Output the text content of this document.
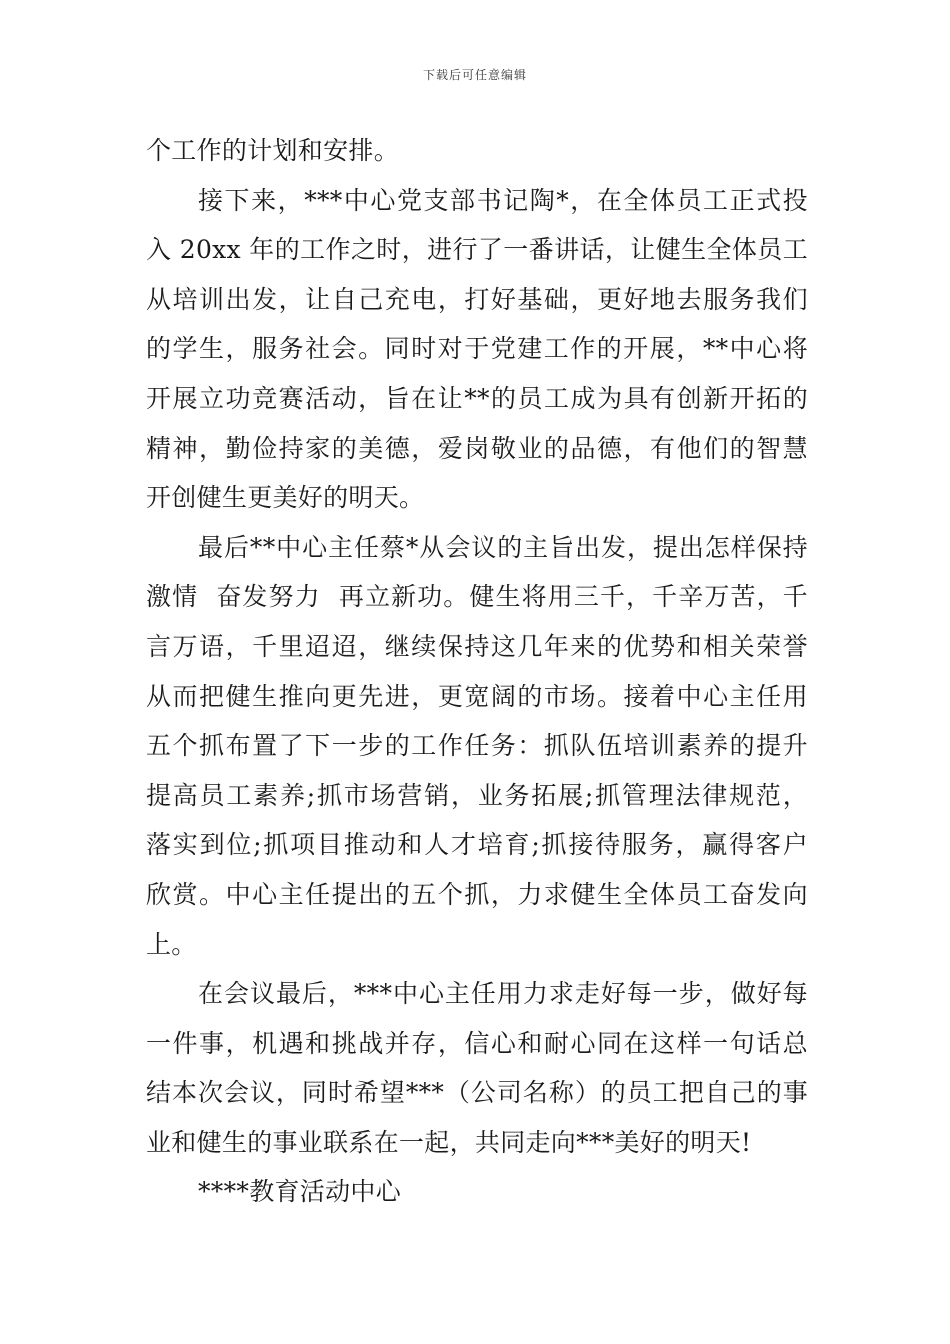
下载后可任意编辑
个工作的计划和安排。
接下来，***中心党支部书记陶*，在全体员工正式投
入 20xx 年的工作之时，进行了一番讲话，让健生全体员工
从培训出发，让自己充电，打好基础，更好地去服务我们
的学生，服务社会。同时对于党建工作的开展，**中心将
开展立功竞赛活动，旨在让**的员工成为具有创新开拓的
精神，勤俭持家的美德，爱岗敬业的品德，有他们的智慧
开创健生更美好的明天。
最后**中心主任蔡*从会议的主旨出发，提出怎样保持
激情  奋发努力  再立新功。健生将用三千，千辛万苦，千
言万语，千里迢迢，继续保持这几年来的优势和相关荣誉
从而把健生推向更先进，更宽阔的市场。接着中心主任用
五个抓布置了下一步的工作任务：抓队伍培训素养的提升
提高员工素养;抓市场营销，业务拓展;抓管理法律规范，
落实到位;抓项目推动和人才培育;抓接待服务，赢得客户
欣赏。中心主任提出的五个抓，力求健生全体员工奋发向
上。
在会议最后，***中心主任用力求走好每一步，做好每
一件事，机遇和挑战并存，信心和耐心同在这样一句话总
结本次会议，同时希望***（公司名称）的员工把自己的事
业和健生的事业联系在一起，共同走向***美好的明天!
****教育活动中心
